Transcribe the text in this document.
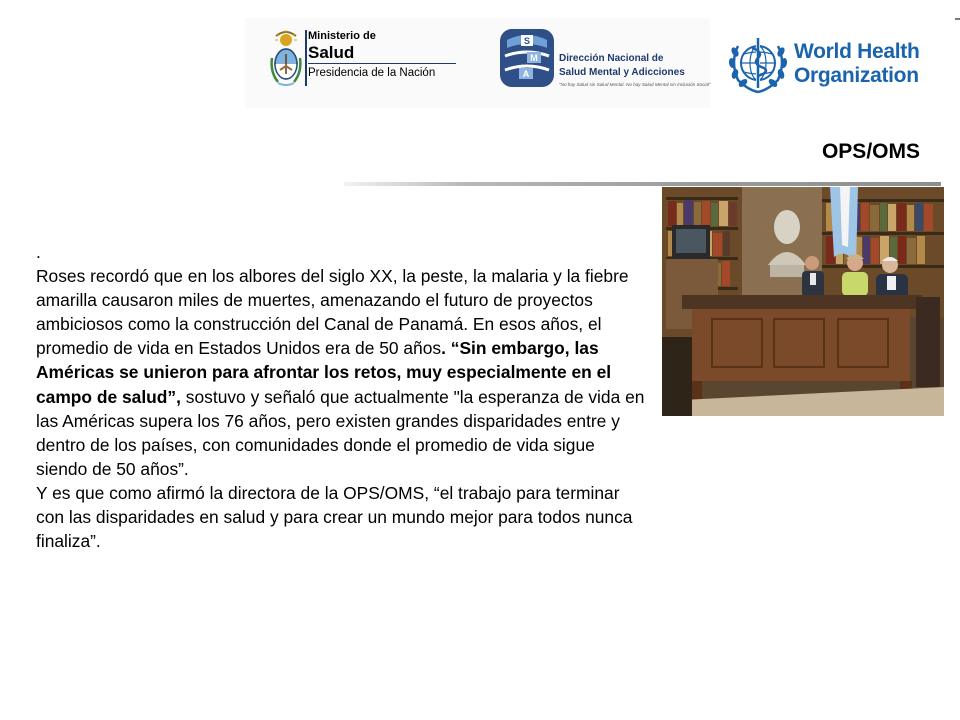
Ministerio de
Salud
Presidencia de la Nación
S
M
A
Dirección Nacional de
Salud Mental y Adicciones
"No hay Salud sin Salud Mental. No hay Salud Mental sin Inclusión Social"
World Health
Organization
OPS/OMS

.

Roses recordó que en los albores del siglo XX, la peste, la malaria y la fiebre amarilla causaron miles de muertes, amenazando el futuro de proyectos ambiciosos como la construcción del Canal de Panamá. En esos años, el promedio de vida en Estados Unidos era de 50 años. “Sin embargo, las Américas se unieron para afrontar los retos, muy especialmente en el campo de salud”, sostuvo y señaló que actualmente "la esperanza de vida en las Américas supera los 76 años, pero existen grandes disparidades entre y dentro de los países, con comunidades donde el promedio de vida sigue siendo de 50 años”.

Y es que como afirmó la directora de la OPS/OMS, “el trabajo para terminar con las disparidades en salud y para crear un mundo mejor para todos nunca finaliza”.
